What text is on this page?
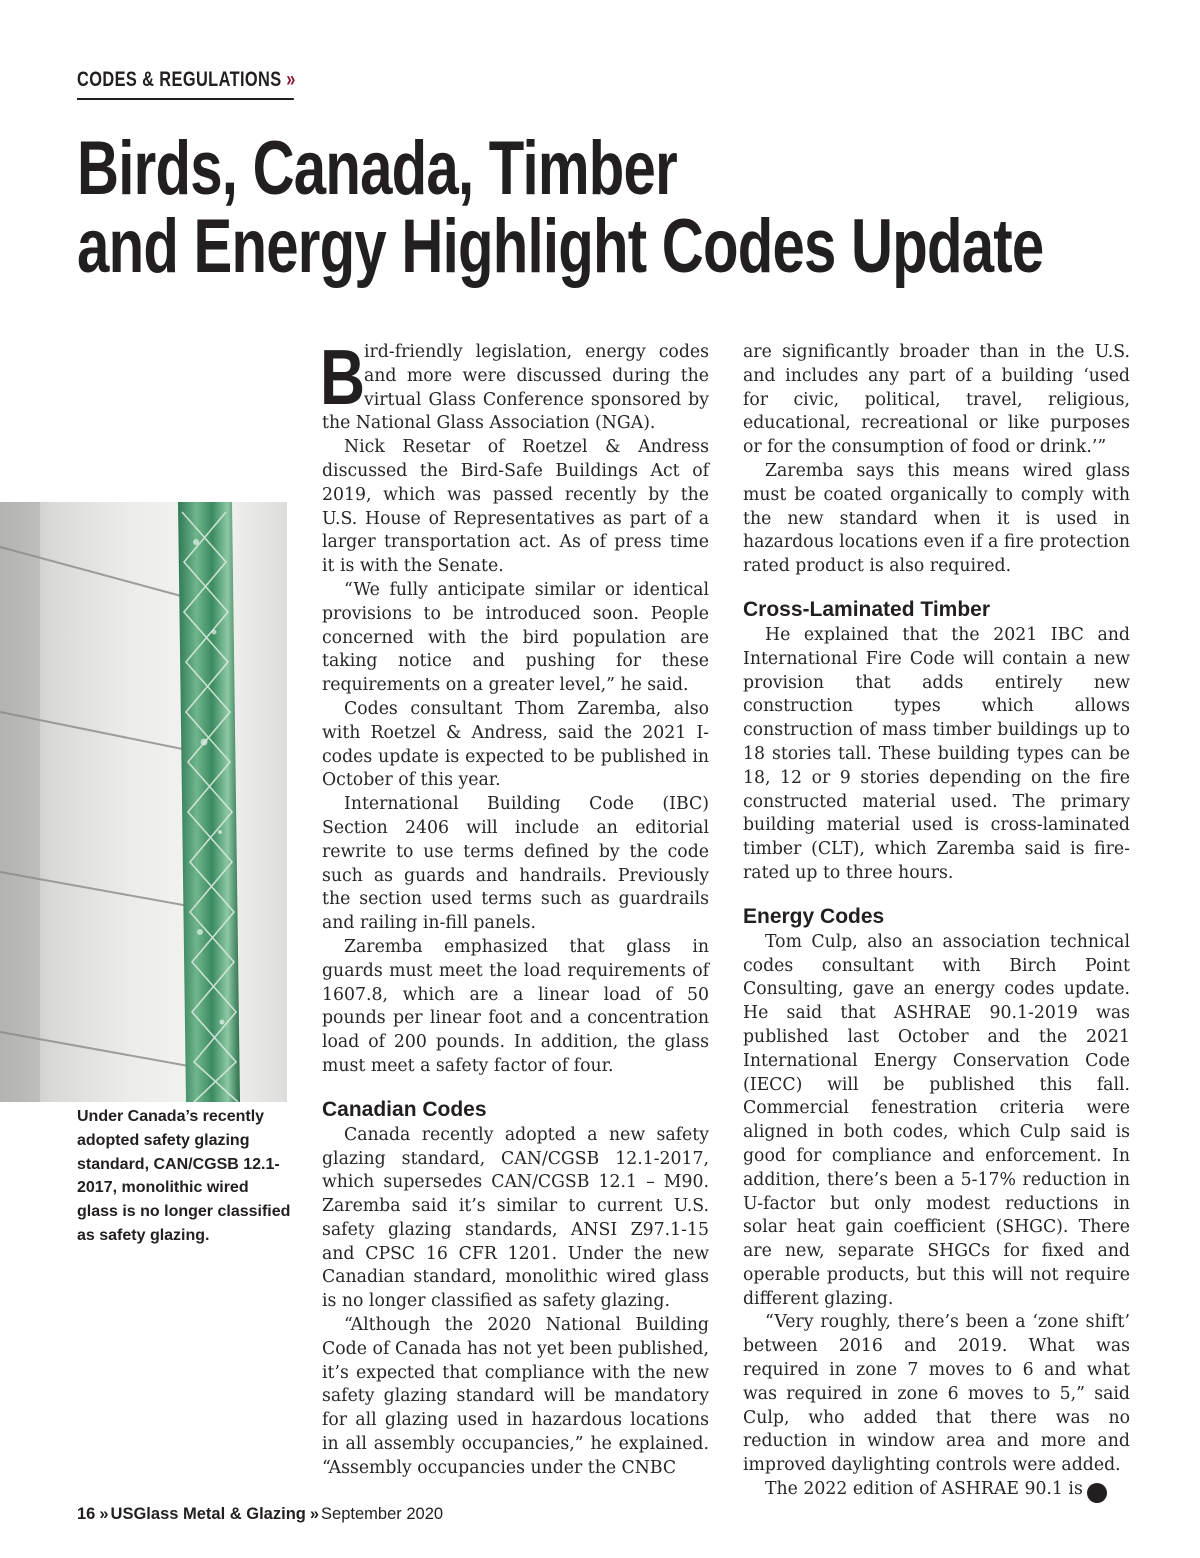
CODES & REGULATIONS »
Birds, Canada, Timber
and Energy Highlight Codes Update

Under Canada’s recently adopted safety glazing standard, CAN/CGSB 12.1-2017, monolithic wired glass is no longer classified as safety glazing.

B
ird-friendly legislation, energy codes and more were discussed during the virtual Glass Conference sponsored by the National Glass Association (NGA).

Nick Resetar of Roetzel & Andress discussed the Bird-Safe Buildings Act of 2019, which was passed recently by the U.S. House of Representatives as part of a larger transportation act. As of press time it is with the Senate.

“We fully anticipate similar or identical provisions to be introduced soon. People concerned with the bird population are taking notice and pushing for these requirements on a greater level,” he said.

Codes consultant Thom Zaremba, also with Roetzel & Andress, said the 2021 I-codes update is expected to be published in October of this year.

International Building Code (IBC) Section 2406 will include an editorial rewrite to use terms defined by the code such as guards and handrails. Previously the section used terms such as guardrails and railing in-fill panels.

Zaremba emphasized that glass in guards must meet the load requirements of 1607.8, which are a linear load of 50 pounds per linear foot and a concentration load of 200 pounds. In addition, the glass must meet a safety factor of four.

Canadian Codes

Canada recently adopted a new safety glazing standard, CAN/CGSB 12.1-2017, which supersedes CAN/CGSB 12.1 – M90. Zaremba said it’s similar to current U.S. safety glazing standards, ANSI Z97.1-15 and CPSC 16 CFR 1201. Under the new Canadian standard, monolithic wired glass is no longer classified as safety glazing.

“Although the 2020 National Building Code of Canada has not yet been published, it’s expected that compliance with the new safety glazing standard will be mandatory for all glazing used in hazardous locations in all assembly occupancies,” he explained. “Assembly occupancies under the CNBC

are significantly broader than in the U.S. and includes any part of a building ‘used for civic, political, travel, religious, educational, recreational or like purposes or for the consumption of food or drink.’”

Zaremba says this means wired glass must be coated organically to comply with the new standard when it is used in hazardous locations even if a fire protection rated product is also required.

Cross-Laminated Timber

He explained that the 2021 IBC and International Fire Code will contain a new provision that adds entirely new construction types which allows construction of mass timber buildings up to 18 stories tall. These building types can be 18, 12 or 9 stories depending on the fire constructed material used. The primary building material used is cross-laminated timber (CLT), which Zaremba said is fire-rated up to three hours.

Energy Codes

Tom Culp, also an association technical codes consultant with Birch Point Consulting, gave an energy codes update. He said that ASHRAE 90.1-2019 was published last October and the 2021 International Energy Conservation Code (IECC) will be published this fall. Commercial fenestration criteria were aligned in both codes, which Culp said is good for compliance and enforcement. In addition, there’s been a 5-17% reduction in U-factor but only modest reductions in solar heat gain coefficient (SHGC). There are new, separate SHGCs for fixed and operable products, but this will not require different glazing.

“Very roughly, there’s been a ‘zone shift’ between 2016 and 2019. What was required in zone 7 moves to 6 and what was required in zone 6 moves to 5,” said Culp, who added that there was no reduction in window area and more and improved daylighting controls were added.

The 2022 edition of ASHRAE 90.1 is ➜

16 » USGlass Metal & Glazing » September 2020
